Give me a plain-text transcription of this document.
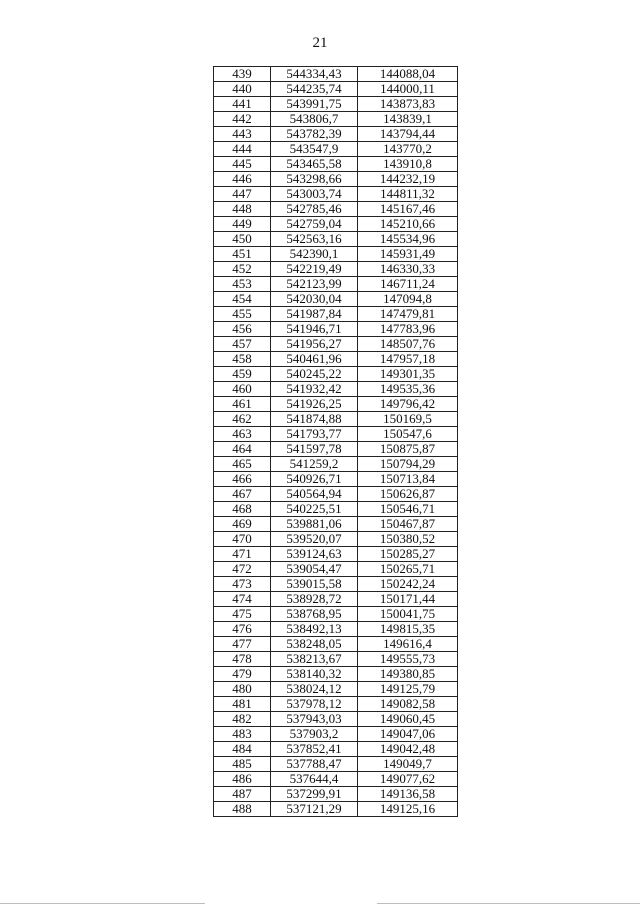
21
439	544334,43	144088,04
440	544235,74	144000,11
441	543991,75	143873,83
442	543806,7	143839,1
443	543782,39	143794,44
444	543547,9	143770,2
445	543465,58	143910,8
446	543298,66	144232,19
447	543003,74	144811,32
448	542785,46	145167,46
449	542759,04	145210,66
450	542563,16	145534,96
451	542390,1	145931,49
452	542219,49	146330,33
453	542123,99	146711,24
454	542030,04	147094,8
455	541987,84	147479,81
456	541946,71	147783,96
457	541956,27	148507,76
458	540461,96	147957,18
459	540245,22	149301,35
460	541932,42	149535,36
461	541926,25	149796,42
462	541874,88	150169,5
463	541793,77	150547,6
464	541597,78	150875,87
465	541259,2	150794,29
466	540926,71	150713,84
467	540564,94	150626,87
468	540225,51	150546,71
469	539881,06	150467,87
470	539520,07	150380,52
471	539124,63	150285,27
472	539054,47	150265,71
473	539015,58	150242,24
474	538928,72	150171,44
475	538768,95	150041,75
476	538492,13	149815,35
477	538248,05	149616,4
478	538213,67	149555,73
479	538140,32	149380,85
480	538024,12	149125,79
481	537978,12	149082,58
482	537943,03	149060,45
483	537903,2	149047,06
484	537852,41	149042,48
485	537788,47	149049,7
486	537644,4	149077,62
487	537299,91	149136,58
488	537121,29	149125,16
